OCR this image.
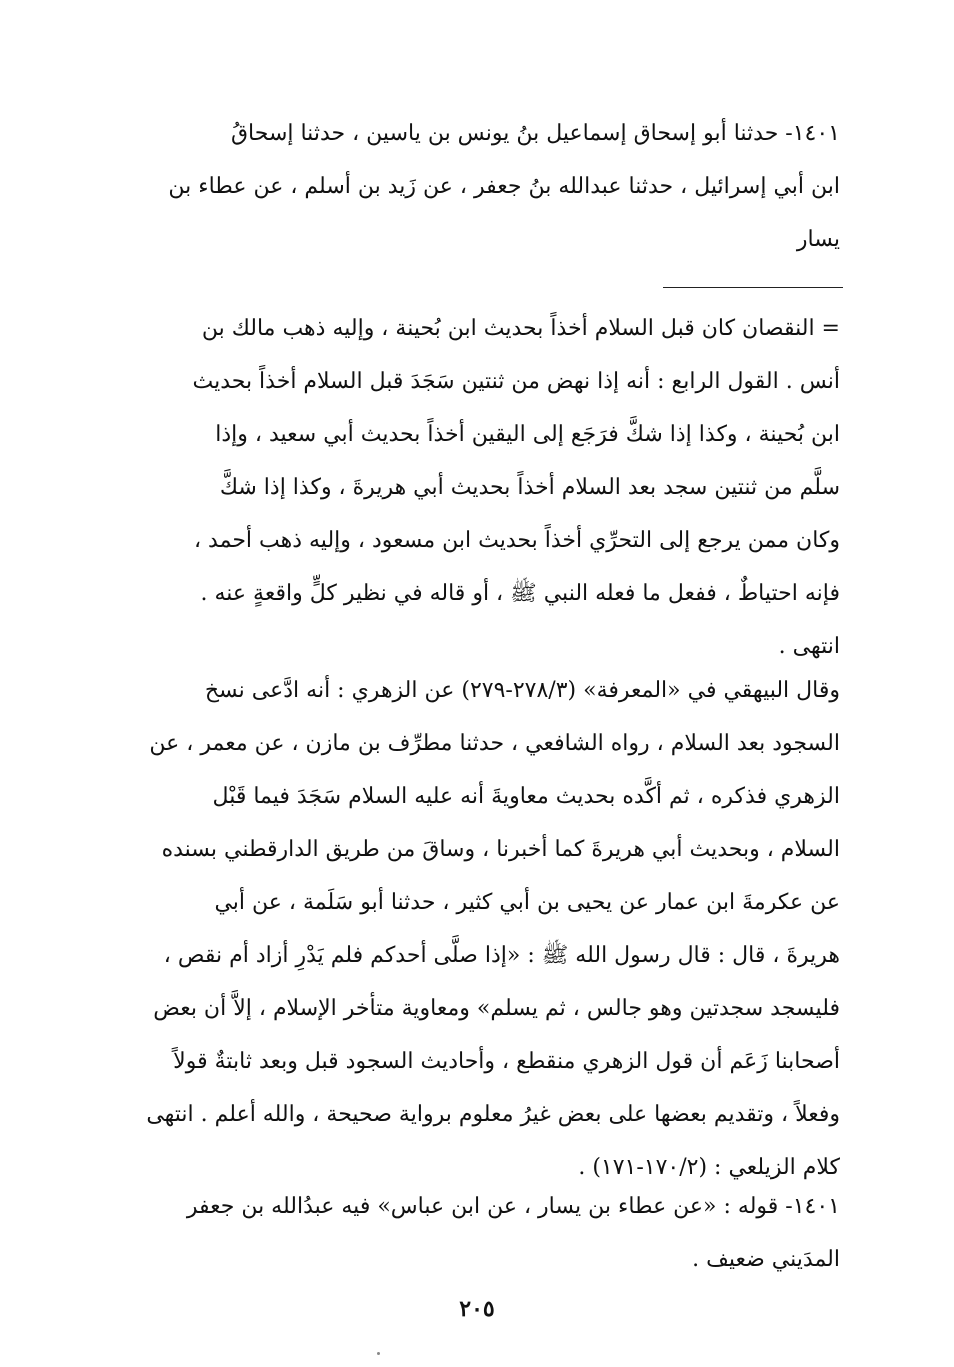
١٤٠١- حدثنا أبو إسحاق إسماعيل بنُ يونس بن ياسين ، حدثنا إسحاقُ
ابن أبي إسرائيل ، حدثنا عبدالله بنُ جعفر ، عن زَيد بن أسلم ، عن عطاء بن
يسار
= النقصان كان قبل السلام أخذاً بحديث ابن بُحينة ، وإليه ذهب مالك بن
أنس . القول الرابع : أنه إذا نهض من ثنتين سَجَدَ قبل السلام أخذاً بحديث
ابن بُحينة ، وكذا إذا شكَّ فرَجَع إلى اليقين أخذاً بحديث أبي سعيد ، وإذا
سلَّم من ثنتين سجد بعد السلام أخذاً بحديث أبي هريرةَ ، وكذا إذا شكَّ
وكان ممن يرجع إلى التحرِّي أخذاً بحديث ابن مسعود ، وإليه ذهب أحمد ،
فإنه احتياطٌ ، ففعل ما فعله النبي ﷺ ، أو قاله في نظير كلٍّ واقعةٍ عنه .
انتهى .
وقال البيهقي في «المعرفة» (٢٧٨/٣-٢٧٩) عن الزهري : أنه ادَّعى نسخ
السجود بعد السلام ، رواه الشافعي ، حدثنا مطرِّف بن مازن ، عن معمر ، عن
الزهري فذكره ، ثم أكَّده بحديث معاويةَ أنه عليه السلام سَجَدَ فيما قَبْل
السلام ، وبحديث أبي هريرةَ كما أخبرنا ، وساقَ من طريق الدارقطني بسنده
عن عكرمةَ ابن عمار عن يحيى بن أبي كثير ، حدثنا أبو سَلَمة ، عن أبي
هريرةَ ، قال : قال رسول الله ﷺ : «إذا صلَّى أحدكم فلم يَدْرِ أزاد أم نقص ،
فليسجد سجدتين وهو جالس ، ثم يسلم» ومعاوية متأخر الإسلام ، إلاَّ أن بعض
أصحابنا زَعَم أن قول الزهري منقطع ، وأحاديث السجود قبل وبعد ثابتةٌ قولاً
وفعلاً ، وتقديم بعضها على بعض غيرُ معلوم برواية صحيحة ، والله أعلم . انتهى
كلام الزيلعي : (١٧٠/٢-١٧١) .
١٤٠١- قوله : «عن عطاء بن يسار ، عن ابن عباس» فيه عبدُالله بن جعفر
المدَيني ضعيف .
٢٠٥
